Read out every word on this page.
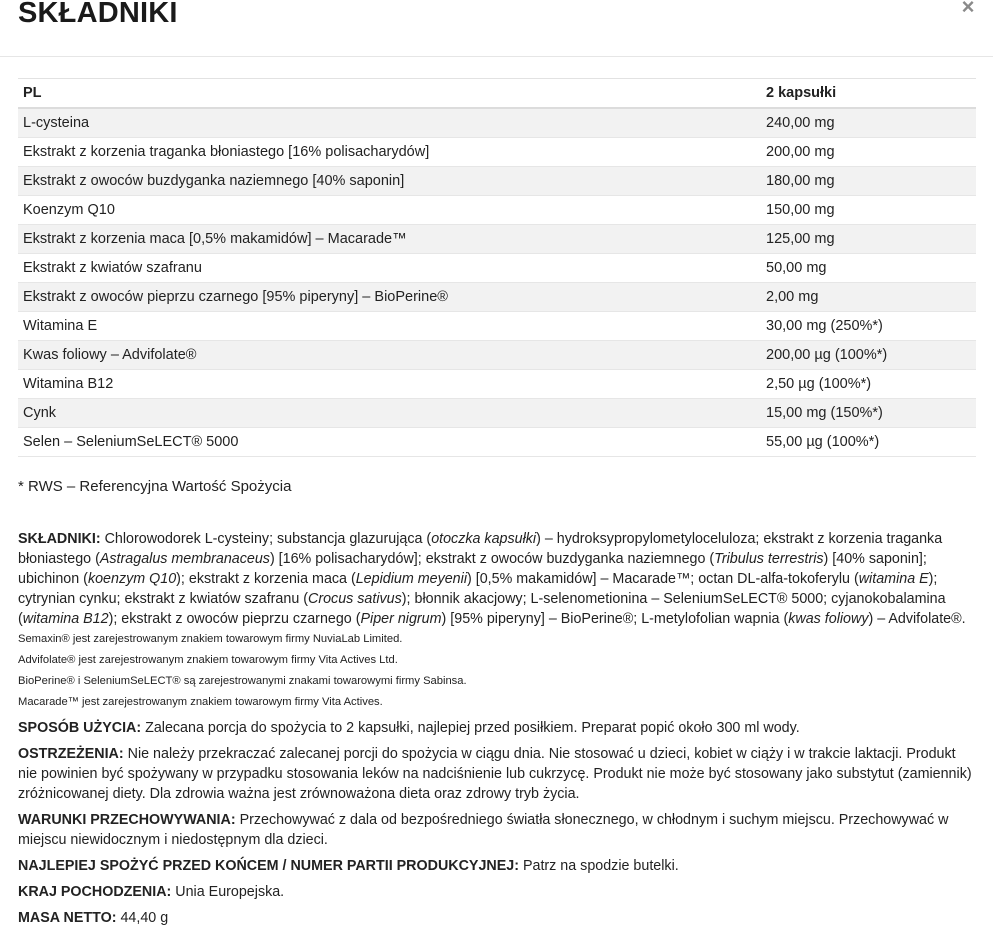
SKŁADNIKI	×
PL	2 kapsułki
L-cysteina	240,00 mg
Ekstrakt z korzenia traganka błoniastego [16% polisacharydów]	200,00 mg
Ekstrakt z owoców buzdyganka naziemnego [40% saponin]	180,00 mg
Koenzym Q10	150,00 mg
Ekstrakt z korzenia maca [0,5% makamidów] – Macarade™	125,00 mg
Ekstrakt z kwiatów szafranu	50,00 mg
Ekstrakt z owoców pieprzu czarnego [95% piperyny] – BioPerine®	2,00 mg
Witamina E	30,00 mg (250%*)
Kwas foliowy – Advifolate®	200,00 µg (100%*)
Witamina B12	2,50 µg (100%*)
Cynk	15,00 mg (150%*)
Selen – SeleniumSeLECT® 5000	55,00 µg (100%*)

* RWS – Referencyjna Wartość Spożycia

SKŁADNIKI: Chlorowodorek L-cysteiny; substancja glazurująca (otoczka kapsułki) – hydroksypropylometyloceluloza; ekstrakt z korzenia traganka błoniastego (Astragalus membranaceus) [16% polisacharydów]; ekstrakt z owoców buzdyganka naziemnego (Tribulus terrestris) [40% saponin]; ubichinon (koenzym Q10); ekstrakt z korzenia maca (Lepidium meyenii) [0,5% makamidów] – Macarade™; octan DL-alfa-tokoferylu (witamina E); cytrynian cynku; ekstrakt z kwiatów szafranu (Crocus sativus); błonnik akacjowy; L-selenometionina – SeleniumSeLECT® 5000; cyjanokobalamina (witamina B12); ekstrakt z owoców pieprzu czarnego (Piper nigrum) [95% piperyny] – BioPerine®; L-metylofolian wapnia (kwas foliowy) – Advifolate®.

Semaxin® jest zarejestrowanym znakiem towarowym firmy NuviaLab Limited.

Advifolate® jest zarejestrowanym znakiem towarowym firmy Vita Actives Ltd.

BioPerine® i SeleniumSeLECT® są zarejestrowanymi znakami towarowymi firmy Sabinsa.

Macarade™ jest zarejestrowanym znakiem towarowym firmy Vita Actives.

SPOSÓB UŻYCIA: Zalecana porcja do spożycia to 2 kapsułki, najlepiej przed posiłkiem. Preparat popić około 300 ml wody.

OSTRZEŻENIA: Nie należy przekraczać zalecanej porcji do spożycia w ciągu dnia. Nie stosować u dzieci, kobiet w ciąży i w trakcie laktacji. Produkt nie powinien być spożywany w przypadku stosowania leków na nadciśnienie lub cukrzycę. Produkt nie może być stosowany jako substytut (zamiennik) zróżnicowanej diety. Dla zdrowia ważna jest zrównoważona dieta oraz zdrowy tryb życia.

WARUNKI PRZECHOWYWANIA: Przechowywać z dala od bezpośredniego światła słonecznego, w chłodnym i suchym miejscu. Przechowywać w miejscu niewidocznym i niedostępnym dla dzieci.

NAJLEPIEJ SPOŻYĆ PRZED KOŃCEM / NUMER PARTII PRODUKCYJNEJ: Patrz na spodzie butelki.

KRAJ POCHODZENIA: Unia Europejska.

MASA NETTO: 44,40 g
